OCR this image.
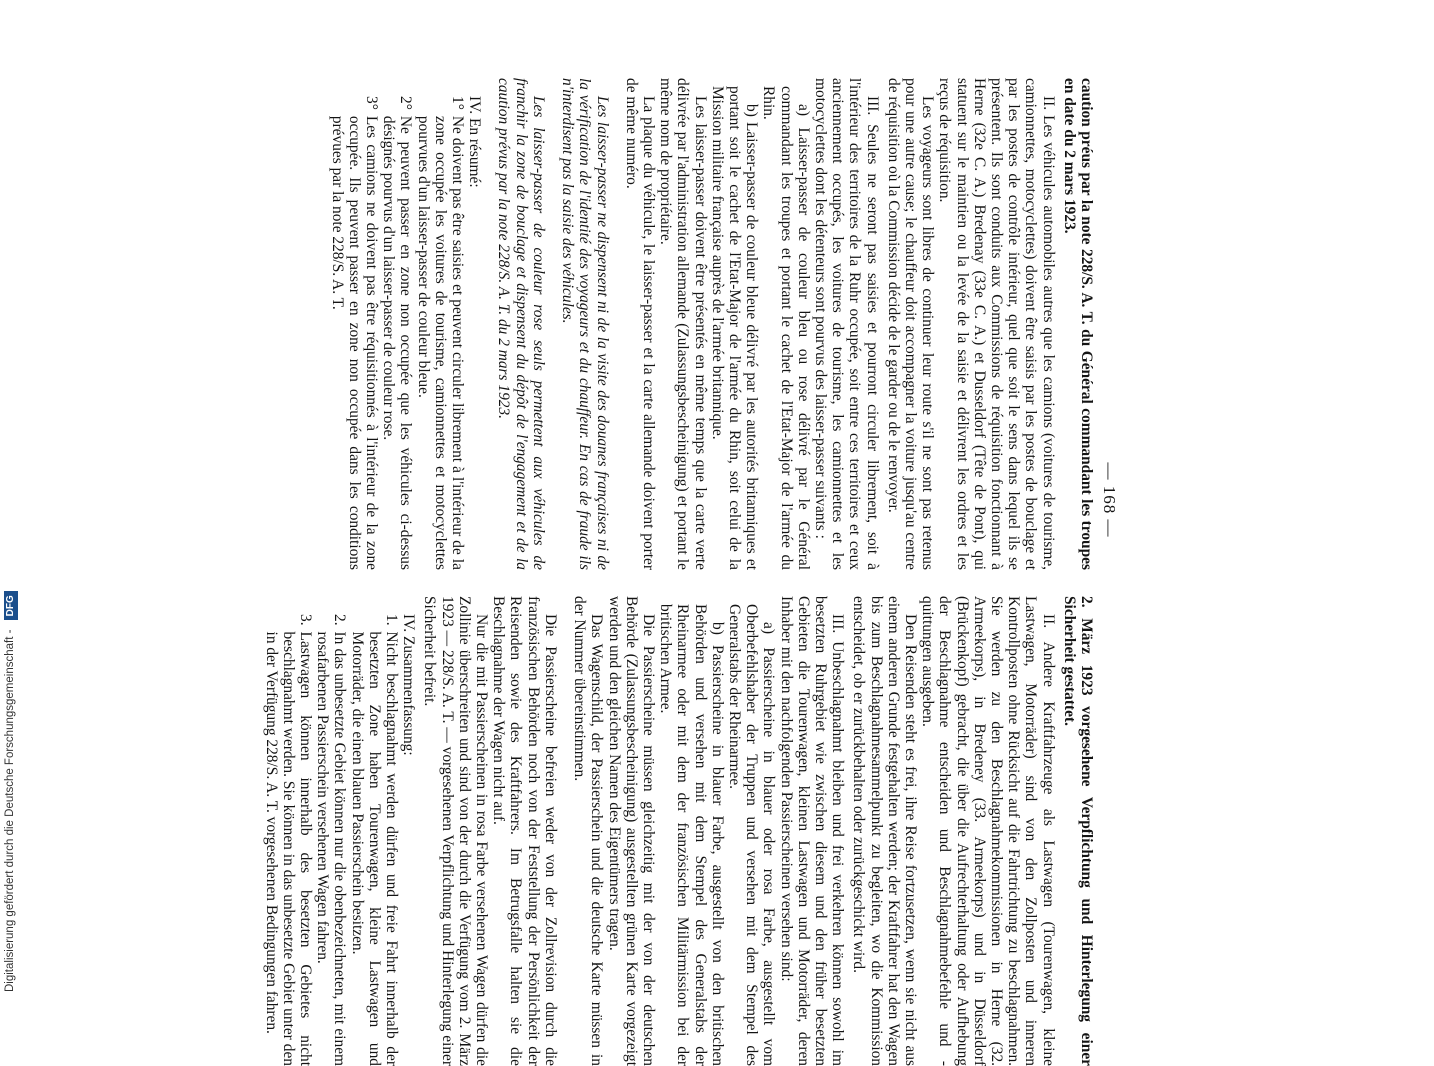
— 168 —

caution préus par la note 228/S. A. T. du Général commandant les troupes en date du 2 mars 1923.

II. Les véhicules automobiles autres que les camions (voitures de tourisme, camionnettes, motocyclettes) doivent être saisis par les postes de bouclage et par les postes de contrôle intérieur, quel que soit le sens dans lequel ils se présentent. Ils sont conduits aux Commissions de réquisition fonctionnant à Herne (32e C. A.) Bredenay (33e C. A.) et Dusseldorf (Tête de Pont), qui statuent sur le maintien ou la levée de la saisie et délivrent les ordres et les reçus de réquisition.

Les voyageurs sont libres de continuer leur route s'il ne sont pas retenus pour une autre cause; le chauffeur doit accompagner la voiture jusqu'au centre de réquisition où la Commission décide de le garder ou de le renvoyer.

III. Seules ne seront pas saisies et pourront circuler librement, soit à l'intérieur des territoires de la Ruhr occupée, soit entre ces territoires et ceux anciennement occupés, les voitures de tourisme, les camionnettes et les motocyclettes dont les détenteurs sont pourvus des laisser-passer suivants :

a) Laisser-passer de couleur bleu ou rose délivré par le Général commandant les troupes et portant le cachet de l'Etat-Major de l'armée du Rhin.

b) Laisser-passer de couleur bleue délivré par les autorités britanniques et portant soit le cachet de l'Etat-Major de l'armée du Rhin, soit celui de la Mission militaire française auprès de l'armée britannique.

Les laisser-passer doivent être présentés en même temps que la carte verte délivrée par l'administration allemande (Zulassungsbescheinigung) et portant le même nom de propriétaire.

La plaque du véhicule, le laisser-passer et la carte allemande doivent porter de même numéro.

Les laisser-passer ne dispensent ni de la visite des douanes françaises ni de la vérification de l'identité des voyageurs et du chauffeur. En cas de fraude ils n'interdisent pas la saisie des véhicules.

Les laisser-passer de couleur rose seuls permettent aux véhicules de franchir la zone de bouclage et dispensent du dépôt de l'engagement et de la caution prévus par la note 228/S. A. T. du 2 mars 1923.

IV. En résumé:

1°
Ne doivent pas être saisies et peuvent circuler librement à l'intérieur de la zone occupée les voitures de tourisme, camionnettes et motocyclettes pourvues d'un laisser-passer de couleur bleue.
2°
Ne peuvent passer en zone non occupée que les véhicules ci-dessus désignés pourvus d'un laisser-passer de couleur rose.
3°
Les camions ne doivent pas être réquisitionnés à l'intérieur de la zone occupée. Ils peuvent passer en zone non occupée dans les conditions prévues par la note 228/S. A. T.

2. März 1923 vorgesehene Verpflichtung und Hinterlegung einer Sicherheit gestattet.

II. Andere Kraftfahrzeuge als Lastwagen (Tourenwagen, kleine Lastwagen, Motorräder) sind von den Zollposten und inneren Kontrollposten ohne Rücksicht auf die Fahrtrichtung zu beschlagnahmen. Sie werden zu den Beschlagnahmekommissionen in Herne (32. Armeekorps), in Bredeney (33. Armeekorps) und in Düsseldorf (Brückenkopf) gebracht, die über die Aufrechterhaltung oder Aufhebung der Beschlagnahme entscheiden und Beschlagnahmebefehle und -quittungen ausgeben.

Den Reisenden steht es frei, ihre Reise fortzusetzen, wenn sie nicht aus einem anderen Grunde festgehalten werden; der Kraftfahrer hat den Wagen bis zum Beschlagnahmesammelpunkt zu begleiten, wo die Kommission entscheidet, ob er zurückbehalten oder zurückgeschickt wird.

III. Unbeschlagnahmt bleiben und frei verkehren können sowohl im besetzten Ruhrgebiet wie zwischen diesem und den früher besetzten Gebieten die Tourenwagen, kleinen Lastwagen und Motorräder, deren Inhaber mit den nachfolgenden Passierscheinen versehen sind:

a) Passierscheine in blauer oder rosa Farbe, ausgestellt vom Oberbefehlshaber der Truppen und versehen mit dem Stempel des Generalstabs der Rheinarmee.

b) Passierscheine in blauer Farbe, ausgestellt von den britischen Behörden und versehen mit dem Stempel des Generalstabs der Rheinarmee oder mit dem der französischen Militärmission bei der britischen Armee.

Die Passierscheine müssen gleichzeitig mit der von der deutschen Behörde (Zulassungsbescheinigung) ausgestellten grünen Karte vorgezeigt werden und den gleichen Namen des Eigentümers tragen.

Das Wagenschild, der Passierschein und die deutsche Karte müssen in der Nummer übereinstimmen.

Die Passierscheine befreien weder von der Zollrevision durch die französischen Behörden noch von der Feststellung der Persönlichkeit der Reisenden sowie des Kraftfahrers. Im Betrugsfalle halten sie die Beschlagnahme der Wagen nicht auf.

Nur die mit Passierscheinen in rosa Farbe versehenen Wagen dürfen die Zollinie überschreiten und sind von der durch die Verfügung vom 2. März 1923 — 228/S. A. T. — vorgesehenen Verpflichtung und Hinterlegung einer Sicherheit befreit.

IV. Zusammenfassung:

1.
Nicht beschlagnahmt werden dürfen und freie Fahrt innerhalb der besetzten Zone haben Tourenwagen, kleine Lastwagen und Motorräder, die einen blauen Passierschein besitzen.
2.
In das unbesetzte Gebiet können nur die obenbezeichneten, mit einem rosafarbenen Passierschein versehenen Wagen fahren.
3.
Lastwagen können innerhalb des besetzten Gebietes nicht beschlagnahmt werden. Sie können in das unbesetzte Gebiet unter den in der Verfügung 228/S. A. T. vorgesehenen Bedingungen fahren.
Digitalisierung gefördert durch die Deutsche Forschungsgemeinschaft - DFG
